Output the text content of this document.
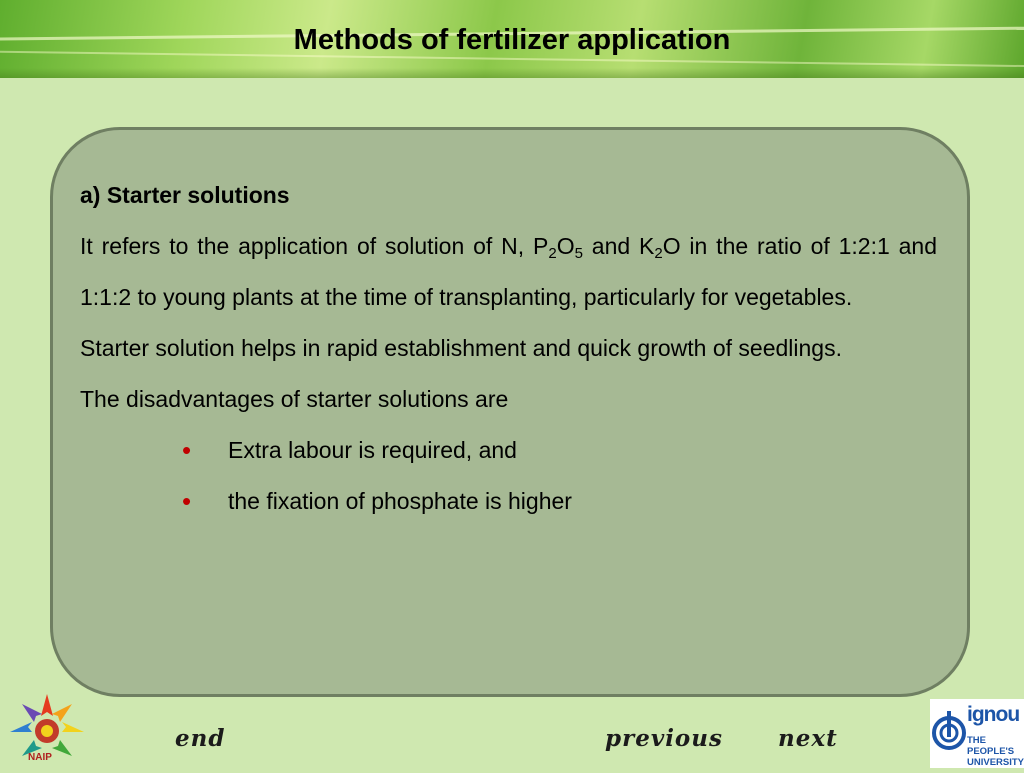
Methods of fertilizer application

a) Starter solutions

It refers to the application of solution of N, $P_2O_5$ and $K_2O$ in the ratio of 1:2:1 and 1:1:2 to young plants at the time of transplanting, particularly for vegetables.

Starter solution helps in rapid establishment and quick growth of seedlings.

The disadvantages of starter solutions are

•	Extra labour is required, and
•	the fixation of phosphate is higher
NAIP
end	previous next
ignou
THE PEOPLE'S
UNIVERSITY
